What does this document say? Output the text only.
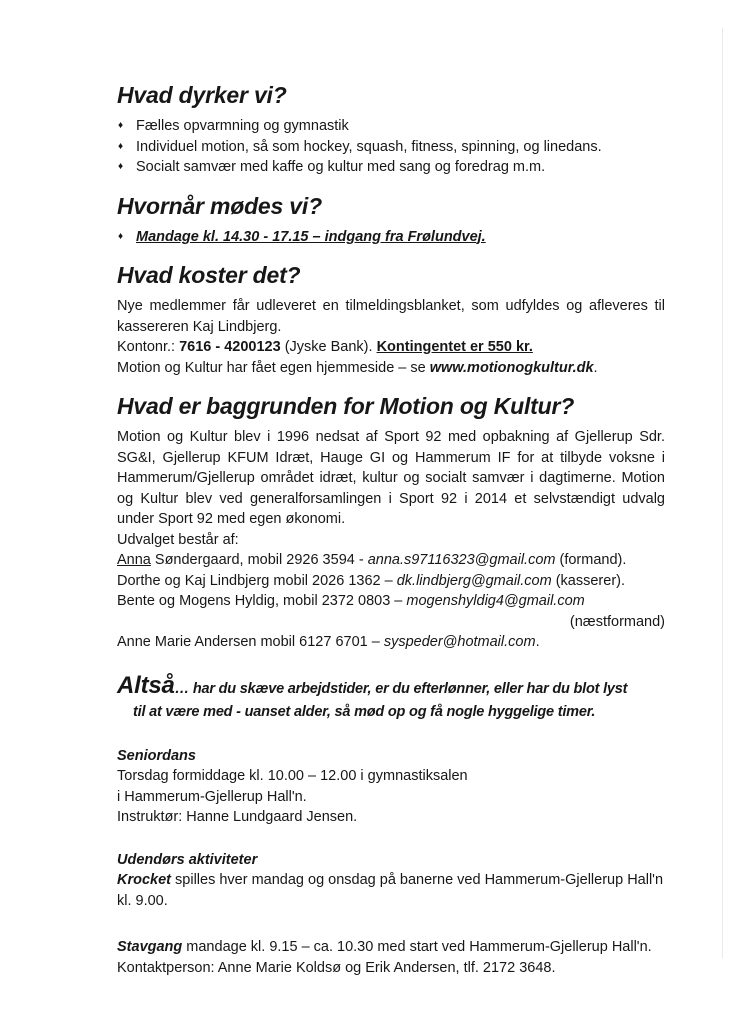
Hvad dyrker vi?
♦ Fælles opvarmning og gymnastik
♦ Individuel motion, så som hockey, squash, fitness, spinning, og linedans.
♦ Socialt samvær med kaffe og kultur med sang og foredrag m.m.
Hvornår mødes vi?
♦ Mandage kl. 14.30 - 17.15 – indgang fra Frølundvej.
Hvad koster det?

Nye medlemmer får udleveret en tilmeldingsblanket, som udfyldes og afleveres til kassereren Kaj Lindbjerg.

Kontonr.: 7616 - 4200123 (Jyske Bank). Kontingentet er 550 kr.

Motion og Kultur har fået egen hjemmeside – se www.motionogkultur.dk.

Hvad er baggrunden for Motion og Kultur?

Motion og Kultur blev i 1996 nedsat af Sport 92 med opbakning af Gjellerup Sdr. SG&I, Gjellerup KFUM Idræt, Hauge GI og Hammerum IF for at tilbyde voksne i Hammerum/Gjellerup området idræt, kultur og socialt samvær i dagtimerne. Motion og Kultur blev ved generalforsamlingen i Sport 92 i 2014 et selvstændigt udvalg under Sport 92 med egen økonomi.

Udvalget består af:

Anna Søndergaard, mobil 2926 3594 - anna.s97116323@gmail.com (formand).
Dorthe og Kaj Lindbjerg mobil 2026 1362 – dk.lindbjerg@gmail.com (kasserer).
Bente og Mogens Hyldig, mobil 2372 0803 – mogenshyldig4@gmail.com
(næstformand)
Anne Marie Andersen mobil 6127 6701 – syspeder@hotmail.com.

Altså… har du skæve arbejdstider, er du efterlønner, eller har du blot lyst
til at være med - uanset alder, så mød op og få nogle hyggelige timer.

Seniordans
Torsdag formiddage kl. 10.00 – 12.00 i gymnastiksalen
i Hammerum-Gjellerup Hall'n.
Instruktør: Hanne Lundgaard Jensen.
Udendørs aktiviteter

Krocket spilles hver mandag og onsdag på banerne ved Hammerum-Gjellerup Hall'n kl. 9.00.

Stavgang mandage kl. 9.15 – ca. 10.30 med start ved Hammerum-Gjellerup Hall'n.

Kontaktperson: Anne Marie Koldsø og Erik Andersen, tlf. 2172 3648.
